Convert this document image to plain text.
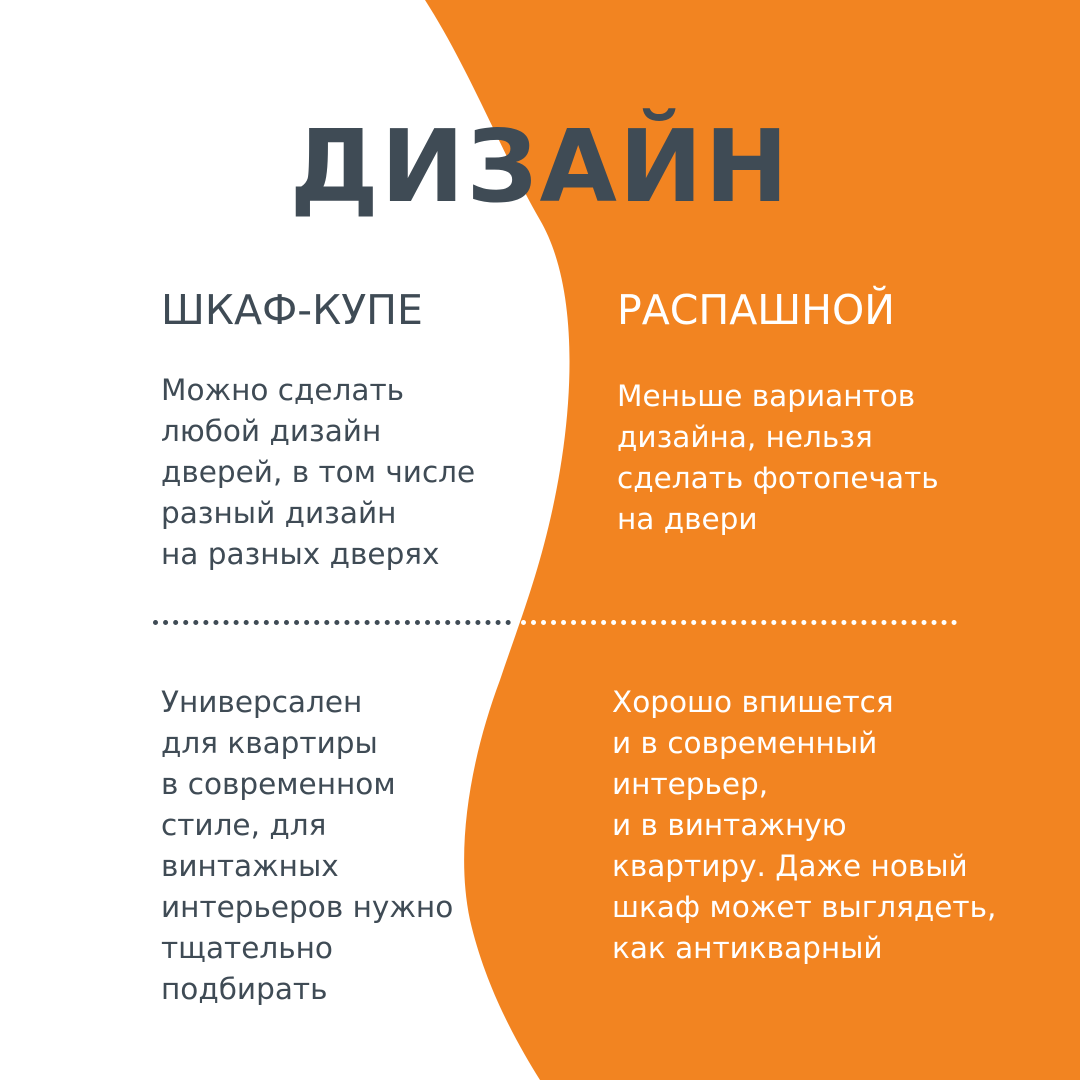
ДИЗАЙН
ШКАФ-КУПЕ	РАСПАШНОЙ

Можно сделать
любой дизайн
дверей, в том числе
разный дизайн
на разных дверях

Меньше вариантов
дизайна, нельзя
сделать фотопечать
на двери

Универсален
для квартиры
в современном
стиле, для
винтажных
интерьеров нужно
тщательно
подбирать

Хорошо впишется
и в современный
интерьер,
и в винтажную
квартиру. Даже новый
шкаф может выглядеть,
как антикварный
